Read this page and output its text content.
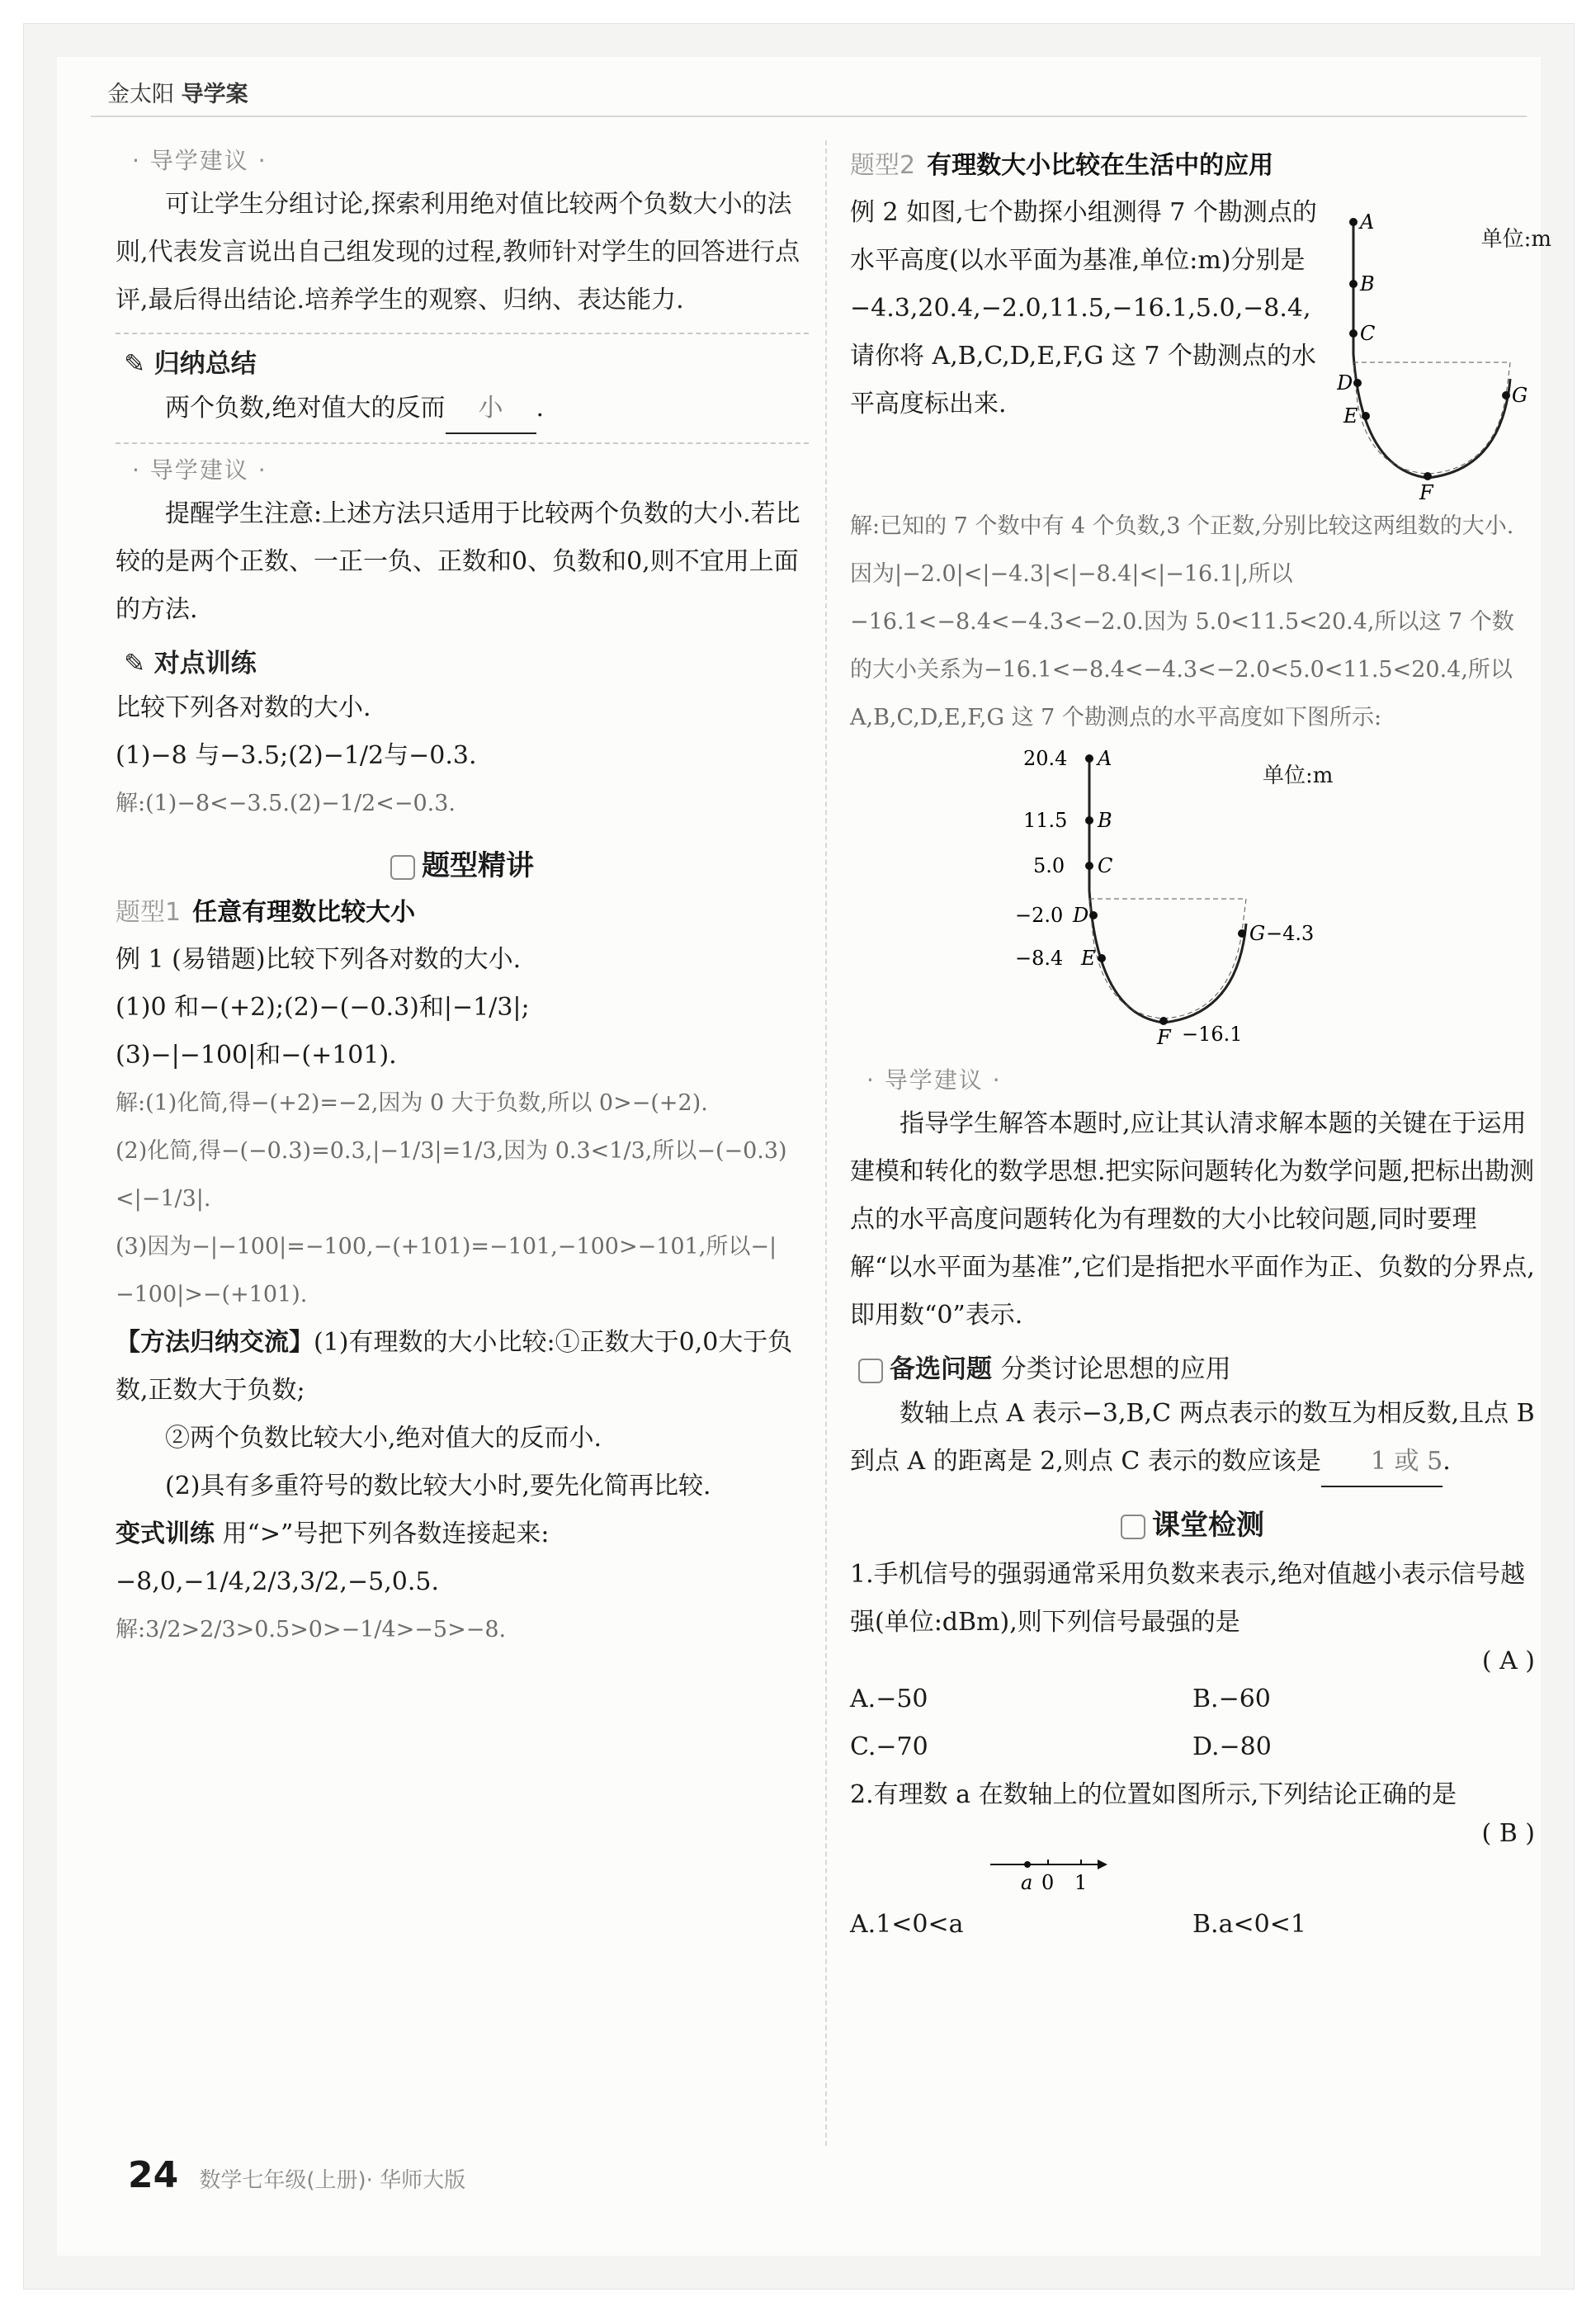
金太阳 导学案
· 导学建议 ·

可让学生分组讨论,探索利用绝对值比较两个负数大小的法则,代表发言说出自己组发现的过程,教师针对学生的回答进行点评,最后得出结论.培养学生的观察、归纳、表达能力.

✎ 归纳总结

两个负数,绝对值大的反而 小 .

· 导学建议 ·

提醒学生注意:上述方法只适用于比较两个负数的大小.若比较的是两个正数、一正一负、正数和0、负数和0,则不宜用上面的方法.

✎ 对点训练

比较下列各对数的大小.

(1)−8 与−3.5;(2)−1/2与−0.3.

解:(1)−8<−3.5.(2)−1/2<−0.3.

题型精讲
题型1 任意有理数比较大小

例 1 (易错题)比较下列各对数的大小.

(1)0 和−(+2);(2)−(−0.3)和|−1/3|;

(3)−|−100|和−(+101).

解:(1)化简,得−(+2)=−2,因为 0 大于负数,所以 0>−(+2).

(2)化简,得−(−0.3)=0.3,|−1/3|=1/3,因为 0.3<1/3,所以−(−0.3)<|−1/3|.

(3)因为−|−100|=−100,−(+101)=−101,−100>−101,所以−|−100|>−(+101).

【方法归纳交流】(1)有理数的大小比较:①正数大于0,0大于负数,正数大于负数;

②两个负数比较大小,绝对值大的反而小.

(2)具有多重符号的数比较大小时,要先化简再比较.

变式训练 用“>”号把下列各数连接起来:

−8,0,−1/4,2/3,3/2,−5,0.5.

解:3/2>2/3>0.5>0>−1/4>−5>−8.

题型2 有理数大小比较在生活中的应用

例 2 如图,七个勘探小组测得 7 个勘测点的水平高度(以水平面为基准,单位:m)分别是−4.3,20.4,−2.0,11.5,−16.1,5.0,−8.4,请你将 A,B,C,D,E,F,G 这 7 个勘测点的水平高度标出来.

A
B
C
D
E
F
G
单位:m

解:已知的 7 个数中有 4 个负数,3 个正数,分别比较这两组数的大小.因为|−2.0|<|−4.3|<|−8.4|<|−16.1|,所以−16.1<−8.4<−4.3<−2.0.因为 5.0<11.5<20.4,所以这 7 个数的大小关系为−16.1<−8.4<−4.3<−2.0<5.0<11.5<20.4,所以 A,B,C,D,E,F,G 这 7 个勘测点的水平高度如下图所示:

20.4
11.5
5.0
−2.0
−8.4
−16.1
−4.3
A
B
C
D
E
F
G
单位:m
· 导学建议 ·

指导学生解答本题时,应让其认清求解本题的关键在于运用建模和转化的数学思想.把实际问题转化为数学问题,把标出勘测点的水平高度问题转化为有理数的大小比较问题,同时要理解“以水平面为基准”,它们是指把水平面作为正、负数的分界点,即用数“0”表示.

备选问题 分类讨论思想的应用

数轴上点 A 表示−3,B,C 两点表示的数互为相反数,且点 B 到点 A 的距离是 2,则点 C 表示的数应该是 1 或 5.

课堂检测

1.手机信号的强弱通常采用负数来表示,绝对值越小表示信号越强(单位:dBm),则下列信号最强的是

( A )
A.−50	B.−60
C.−70	D.−80

2.有理数 a 在数轴上的位置如图所示,下列结论正确的是

( B )
a 0 1
A.1<0<a	B.a<0<1
24 数学七年级(上册)· 华师大版
